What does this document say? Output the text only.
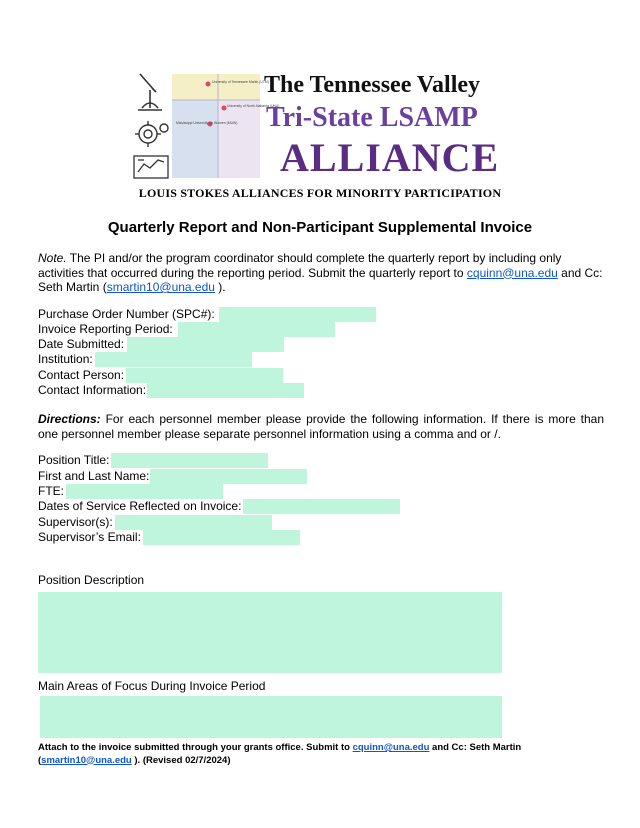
University of Tennessee Martin (UTM)
University of North Alabama (UNA)
Mississippi University for Women (MUW)
The Tennessee Valley
Tri-State LSAMP
ALLIANCE
LOUIS STOKES ALLIANCES FOR MINORITY PARTICIPATION
Quarterly Report and Non-Participant Supplemental Invoice
Note. The PI and/or the program coordinator should complete the quarterly report by including only activities that occurred during the reporting period. Submit the quarterly report to cquinn@una.edu and Cc: Seth Martin (smartin10@una.edu ).
Purchase Order Number (SPC#):
Invoice Reporting Period:
Date Submitted:
Institution:
Contact Person:
Contact Information:
Directions: For each personnel member please provide the following information. If there is more than one personnel member please separate personnel information using a comma and or /.
Position Title:
First and Last Name:
FTE:
Dates of Service Reflected on Invoice:
Supervisor(s):
Supervisor’s Email:
Position Description
Main Areas of Focus During Invoice Period
Attach to the invoice submitted through your grants office. Submit to cquinn@una.edu and Cc: Seth Martin (smartin10@una.edu ). (Revised 02/7/2024)
